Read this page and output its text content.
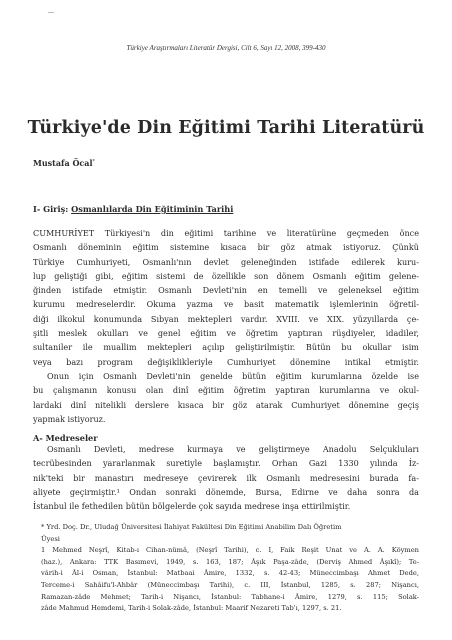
Türkiye Araştırmaları Literatür Dergisi, Cilt 6, Sayı 12, 2008, 399-430
Türkiye'de Din Eğitimi Tarihi Literatürü
Mustafa Öcal*
I- Giriş: Osmanlılarda Din Eğitiminin Tarihi
CUMHURİYET Türkiyesi'n din eğitimi tarihine ve literatürüne geçmeden önce
Osmanlı döneminin eğitim sistemine kısaca bir göz atmak istiyoruz. Çünkü
Türkiye Cumhuriyeti, Osmanlı'nın devlet geleneğinden istifade edilerek kuru-
lup geliştiği gibi, eğitim sistemi de özellikle son dönem Osmanlı eğitim gelene-
ğinden istifade etmiştir. Osmanlı Devleti'nin en temelli ve geleneksel eğitim
kurumu medreselerdir. Okuma yazma ve basit matematik işlemlerinin öğretil-
diği ilkokul konumunda Sıbyan mektepleri vardır. XVIII. ve XIX. yüzyıllarda çe-
şitli meslek okulları ve genel eğitim ve öğretim yaptıran rüşdiyeler, idadiler,
sultaniler ile muallim mektepleri açılıp geliştirilmiştir. Bütün bu okullar isim
veya bazı program değişiklikleriyle Cumhuriyet dönemine intikal etmiştir.
Onun için Osmanlı Devleti'nin genelde bütün eğitim kurumlarına özelde ise
bu çalışmanın konusu olan dinî eğitim öğretim yaptıran kurumlarına ve okul-
lardaki dinî nitelikli derslere kısaca bir göz atarak Cumhuriyet dönemine geçiş
yapmak istiyoruz.
A- Medreseler
Osmanlı Devleti, medrese kurmaya ve geliştirmeye Anadolu Selçukluları
tecrübesinden yararlanmak suretiyle başlamıştır. Orhan Gazi 1330 yılında İz-
nik'teki bir manastırı medreseye çevirerek ilk Osmanlı medresesini burada fa-
aliyete geçirmiştir.¹ Ondan sonraki dönemde, Bursa, Edirne ve daha sonra da
İstanbul ile fethedilen bütün bölgelerde çok sayıda medrese inşa ettirilmiştir.
* Yrd. Doç. Dr., Uludağ Üniversitesi İlahiyat Fakültesi Din Eğitimi Anabilim Dalı Öğretim
Üyesi
1 Mehmed Neşrî, Kitab-ı Cihan-nümâ, (Neşrî Tarihi), c. I, Faik Reşit Unat ve A. A. Köymen
(haz.), Ankara: TTK Basımevi, 1949, s. 163, 187; Âşık Paşa-zâde, (Derviş Ahmed Âşıkî); Te-
vârih-i Âl-i Osman, İstanbul: Matbaai Âmire, 1332, s. 42-43; Müneccimbaşı Ahmet Dede,
Terceme-i Sahâifu'l-Ahbâr (Müneccimbaşı Tarihi), c. III, İstanbul, 1285, s. 287; Nişancı,
Ramazan-zâde Mehmet; Tarih-i Nişancı, İstanbul: Tabhane-i Âmire, 1279, s. 115; Solak-
zâde Mahmud Hemdemi, Tarih-i Solak-zâde, İstanbul: Maarif Nezareti Tab'ı, 1297, s. 21.
